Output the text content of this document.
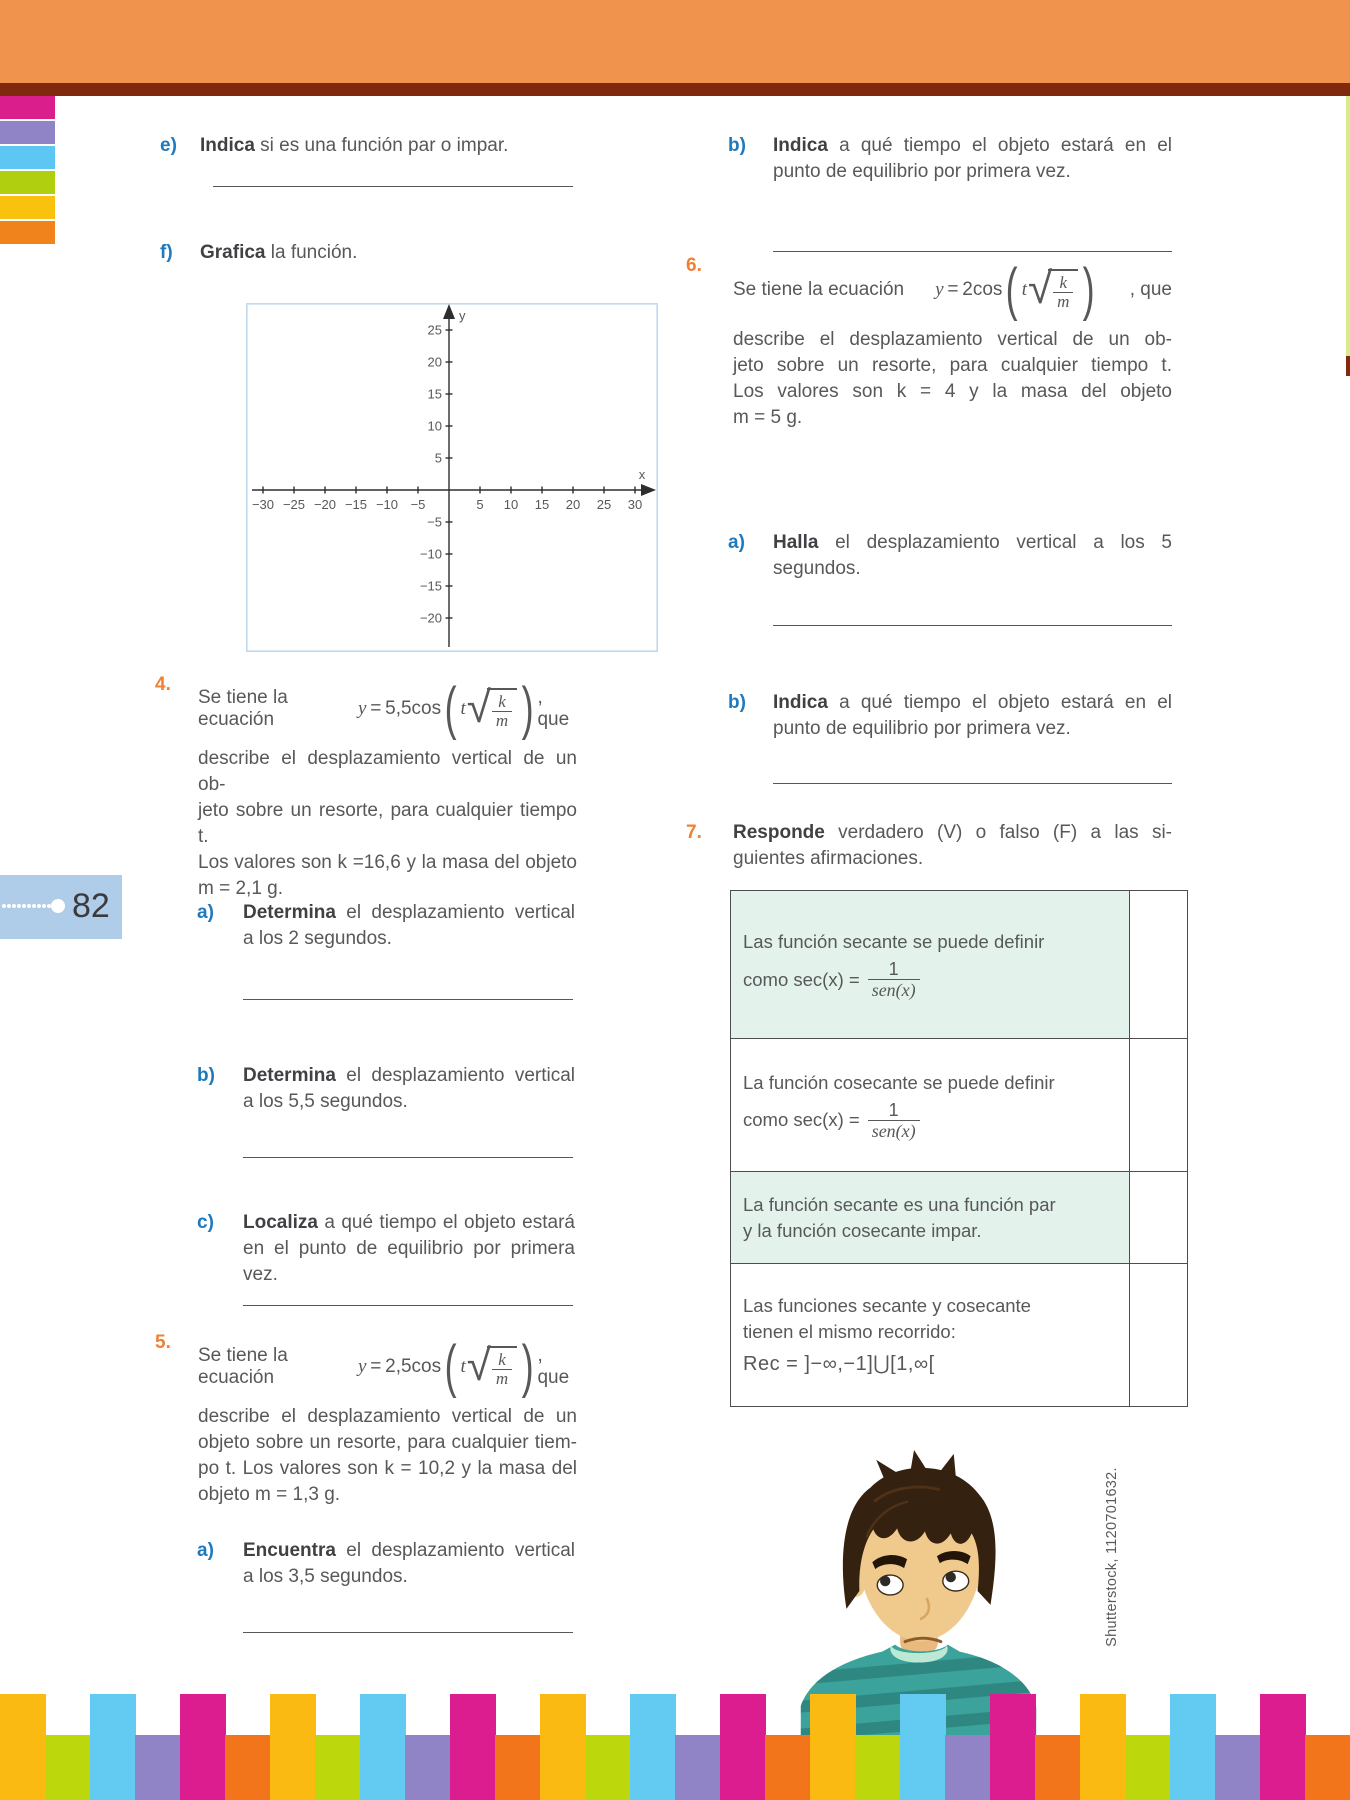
82
e) Indica si es una función par o impar.
f) Grafica la función.
−30 −25 −20 −15 −10 −5	5 10 15 20 25 30
25
20
15
10
5
−5
−10
−15
−20
y
x
4.
Se tiene la ecuación
y
  =
  5,5cos ( t √ k
m ) , que
describe el desplazamiento vertical de un ob-
jeto sobre un resorte, para cualquier tiempo t.
Los valores son k =16,6 y la masa del objeto
m = 2,1 g.
a) Determina el desplazamiento vertical a los 2 segundos.
b) Determina el desplazamiento vertical a los 5,5 segundos.
c) Localiza a qué tiempo el objeto estará en el punto de equilibrio por primera vez.
5.
Se tiene la ecuación
y
  =
  2,5cos ( t √ k
m ) , que
describe el desplazamiento vertical de un
objeto sobre un resorte, para cualquier tiem-
po t. Los valores son k = 10,2 y la masa del
objeto m = 1,3 g.
a) Encuentra el desplazamiento vertical a los 3,5 segundos.
b) Indica a qué tiempo el objeto estará en el punto de equilibrio por primera vez.
6.
Se tiene la ecuación y
  =
  2cos ( t √ k
m ) , que
describe el desplazamiento vertical de un ob-
jeto sobre un resorte, para cualquier tiempo t.
Los valores son k = 4 y la masa del objeto
m = 5 g.
a) Halla el desplazamiento vertical a los 5 segundos.
b) Indica a qué tiempo el objeto estará en el punto de equilibrio por primera vez.
7. Responde verdadero (V) o falso (F) a las si-
guientes afirmaciones.
Las función secante se puede definir
como sec(x) = 1
sen(x)
La función cosecante se puede definir
como sec(x) = 1
sen(x)
La función secante es una función par
y la función cosecante impar.
Las funciones secante y cosecante
tienen el mismo recorrido:
Rec = ]−∞,−1]⋃[1,∞[
Shutterstock, 1120701632.
